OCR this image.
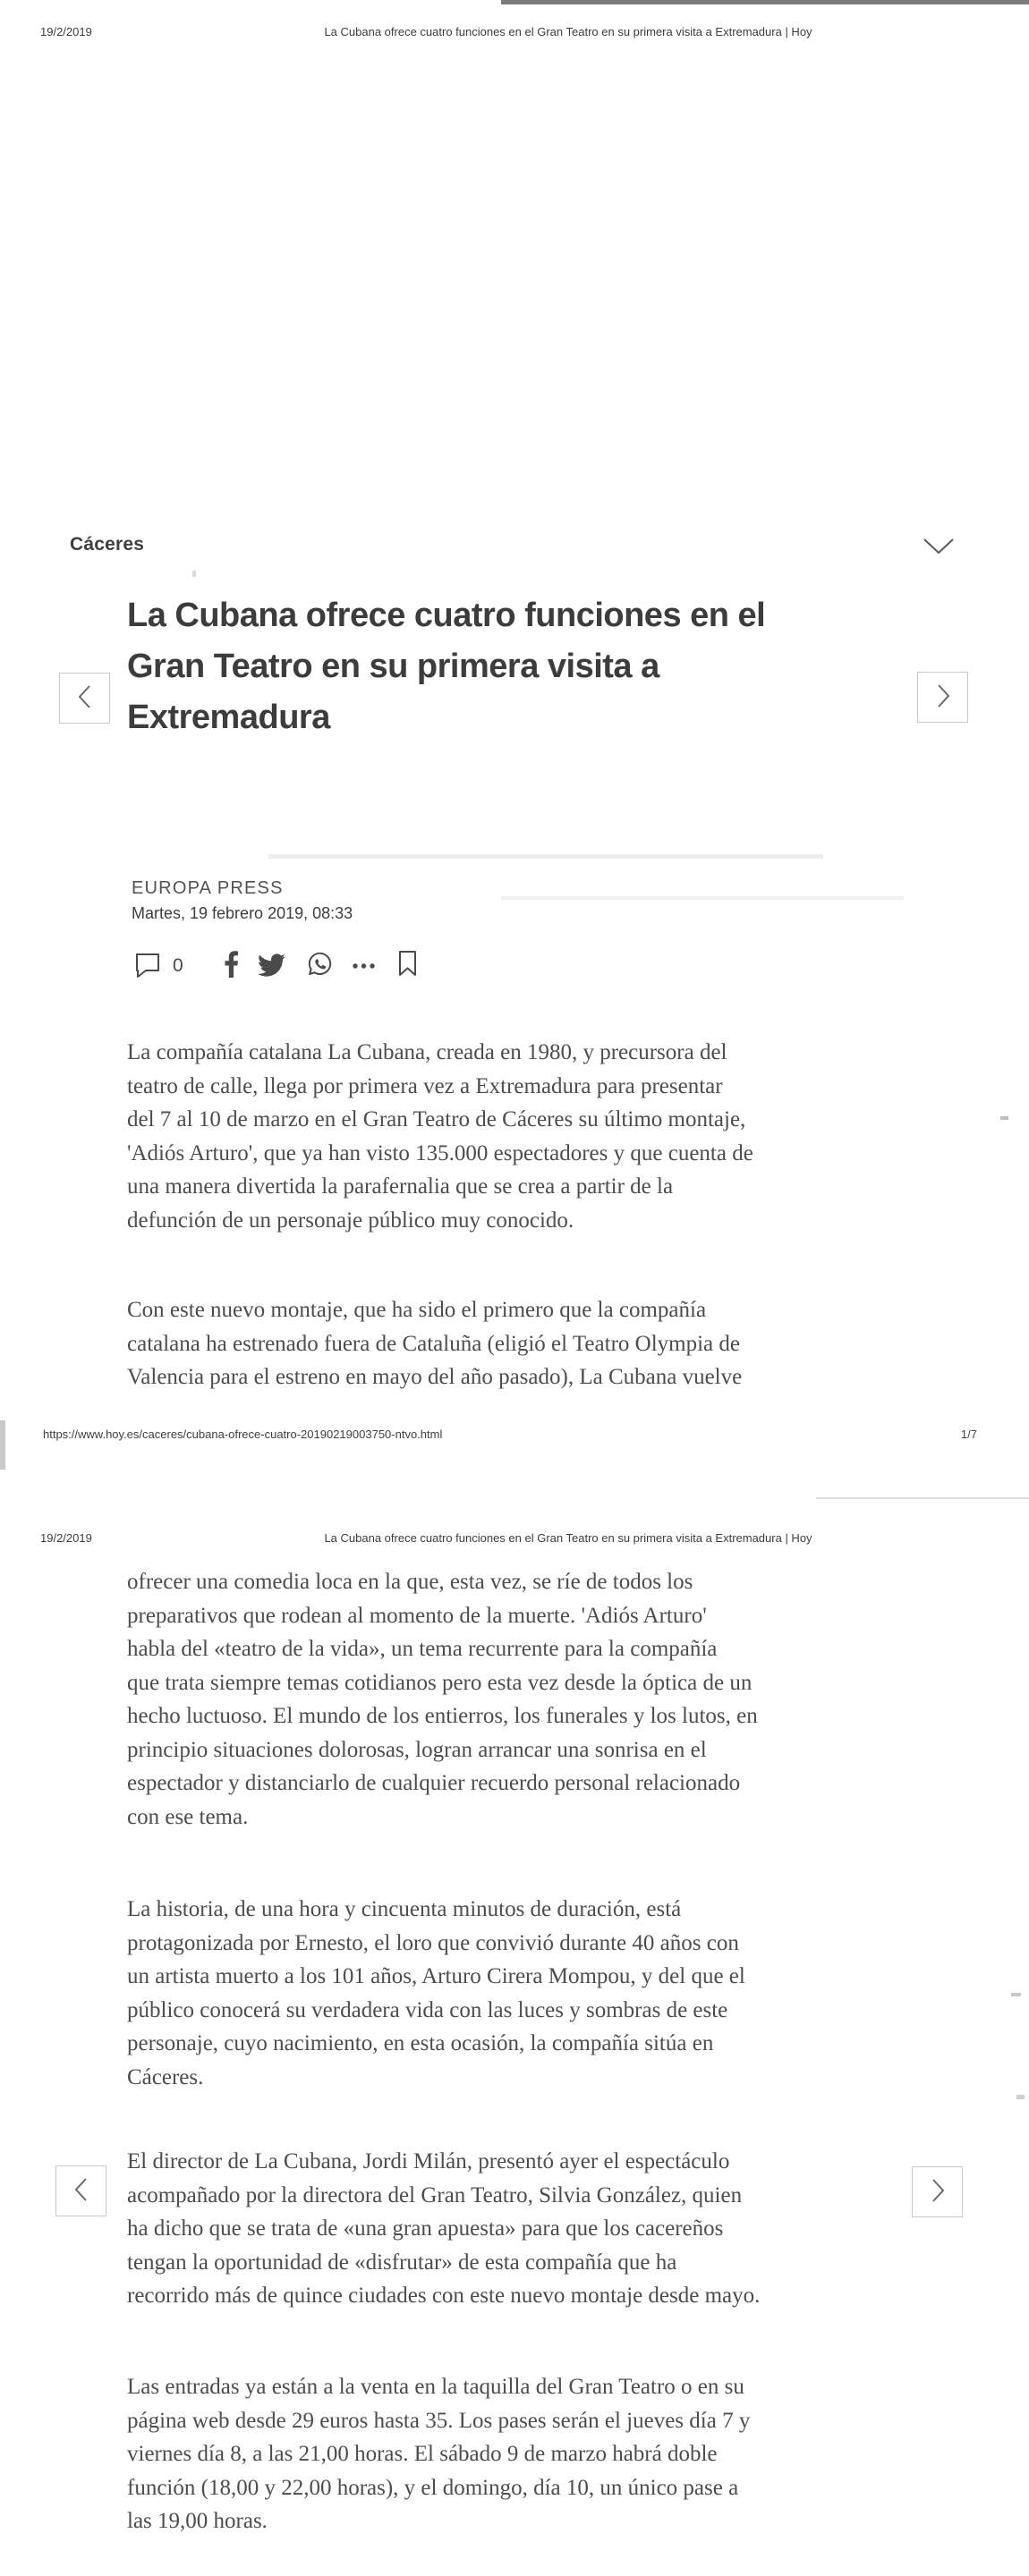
19/2/2019	La Cubana ofrece cuatro funciones en el Gran Teatro en su primera visita a Extremadura | Hoy
Cáceres
La Cubana ofrece cuatro funciones en el
Gran Teatro en su primera visita a
Extremadura
EUROPA PRESS
Martes, 19 febrero 2019, 08:33
0

La compañía catalana La Cubana, creada en 1980, y precursora del
teatro de calle, llega por primera vez a Extremadura para presentar
del 7 al 10 de marzo en el Gran Teatro de Cáceres su último montaje,
'Adiós Arturo', que ya han visto 135.000 espectadores y que cuenta de
una manera divertida la parafernalia que se crea a partir de la
defunción de un personaje público muy conocido.

Con este nuevo montaje, que ha sido el primero que la compañía
catalana ha estrenado fuera de Cataluña (eligió el Teatro Olympia de
Valencia para el estreno en mayo del año pasado), La Cubana vuelve

https://www.hoy.es/caceres/cubana-ofrece-cuatro-20190219003750-ntvo.html	1/7
19/2/2019	La Cubana ofrece cuatro funciones en el Gran Teatro en su primera visita a Extremadura | Hoy

ofrecer una comedia loca en la que, esta vez, se ríe de todos los
preparativos que rodean al momento de la muerte. 'Adiós Arturo'
habla del «teatro de la vida», un tema recurrente para la compañía
que trata siempre temas cotidianos pero esta vez desde la óptica de un
hecho luctuoso. El mundo de los entierros, los funerales y los lutos, en
principio situaciones dolorosas, logran arrancar una sonrisa en el
espectador y distanciarlo de cualquier recuerdo personal relacionado
con ese tema.

La historia, de una hora y cincuenta minutos de duración, está
protagonizada por Ernesto, el loro que convivió durante 40 años con
un artista muerto a los 101 años, Arturo Cirera Mompou, y del que el
público conocerá su verdadera vida con las luces y sombras de este
personaje, cuyo nacimiento, en esta ocasión, la compañía sitúa en
Cáceres.

El director de La Cubana, Jordi Milán, presentó ayer el espectáculo
acompañado por la directora del Gran Teatro, Silvia González, quien
ha dicho que se trata de «una gran apuesta» para que los cacereños
tengan la oportunidad de «disfrutar» de esta compañía que ha
recorrido más de quince ciudades con este nuevo montaje desde mayo.

Las entradas ya están a la venta en la taquilla del Gran Teatro o en su
página web desde 29 euros hasta 35. Los pases serán el jueves día 7 y
viernes día 8, a las 21,00 horas. El sábado 9 de marzo habrá doble
función (18,00 y 22,00 horas), y el domingo, día 10, un único pase a
las 19,00 horas.
